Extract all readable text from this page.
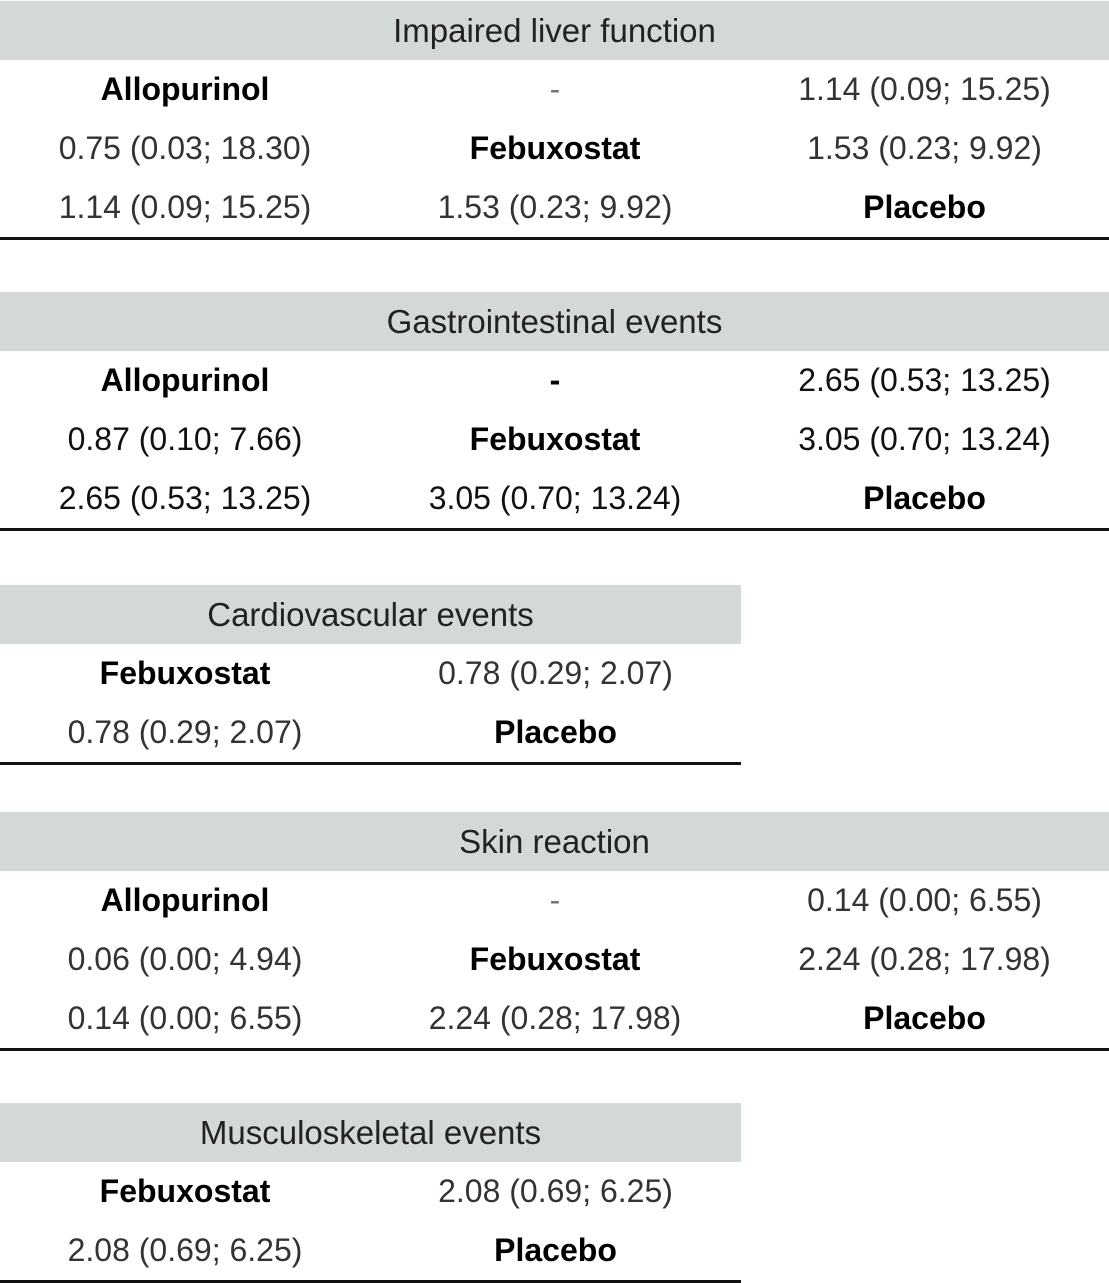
Impaired liver function
Allopurinol	-	1.14 (0.09; 15.25)
0.75 (0.03; 18.30)	Febuxostat	1.53 (0.23; 9.92)
1.14 (0.09; 15.25)	1.53 (0.23; 9.92)	Placebo
Gastrointestinal events
Allopurinol	-	2.65 (0.53; 13.25)
0.87 (0.10; 7.66)	Febuxostat	3.05 (0.70; 13.24)
2.65 (0.53; 13.25)	3.05 (0.70; 13.24)	Placebo
Cardiovascular events
Febuxostat	0.78 (0.29; 2.07)
0.78 (0.29; 2.07)	Placebo
Skin reaction
Allopurinol	-	0.14 (0.00; 6.55)
0.06 (0.00; 4.94)	Febuxostat	2.24 (0.28; 17.98)
0.14 (0.00; 6.55)	2.24 (0.28; 17.98)	Placebo
Musculoskeletal events
Febuxostat	2.08 (0.69; 6.25)
2.08 (0.69; 6.25)	Placebo
